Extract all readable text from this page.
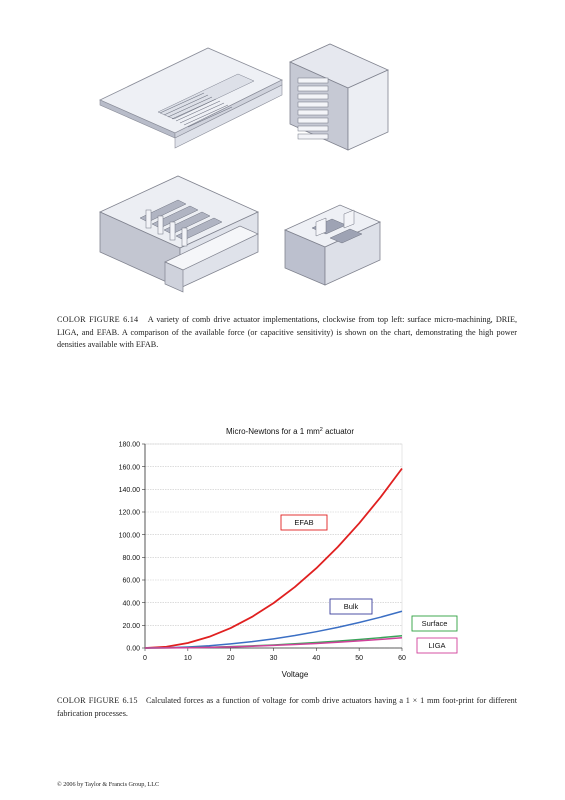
COLOR FIGURE 6.14 A variety of comb drive actuator implementations, clockwise from top left: surface micro-machining, DRIE, LIGA, and EFAB. A comparison of the available force (or capacitive sensitivity) is shown on the chart, demonstrating the high power densities available with EFAB.

Micro-Newtons for a 1 $mm^2$ actuator
0.00
20.00
40.00
60.00
80.00
100.00
120.00
140.00
160.00
180.00
0	10	20	30	40	50	60
EFAB
Bulk
Surface
LIGA
Voltage

COLOR FIGURE 6.15 Calculated forces as a function of voltage for comb drive actuators having a 1 × 1 mm foot-print for different fabrication processes.

© 2006 by Taylor & Francis Group, LLC
